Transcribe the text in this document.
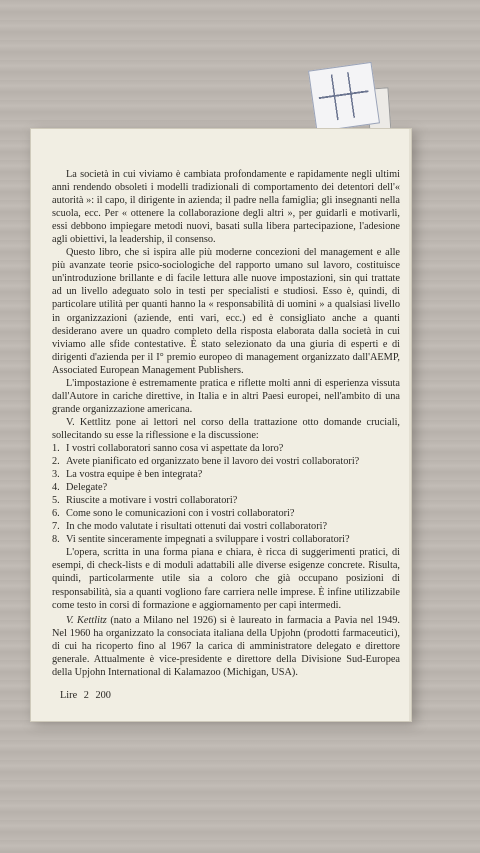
La società in cui viviamo è cambiata profondamente e rapidamente negli ultimi anni rendendo obsoleti i modelli tradizionali di comportamento dei detentori dell'« autorità »: il capo, il dirigente in azienda; il padre nella famiglia; gli insegnanti nella scuola, ecc. Per « ottenere la collaborazione degli altri », per guidarli e motivarli, essi debbono impiegare metodi nuovi, basati sulla libera partecipazione, l'adesione agli obiettivi, la leadership, il consenso.

Questo libro, che si ispira alle più moderne concezioni del management e alle più avanzate teorie psico-sociologiche del rapporto umano sul lavoro, costituisce un'introduzione brillante e di facile lettura alle nuove impostazioni, sin qui trattate ad un livello adeguato solo in testi per specialisti e studiosi. Esso è, quindi, di particolare utilità per quanti hanno la « responsabilità di uomini » a qualsiasi livello in organizzazioni (aziende, enti vari, ecc.) ed è consigliato anche a quanti desiderano avere un quadro completo della risposta elaborata dalla società in cui viviamo alle sfide contestative. È stato selezionato da una giuria di esperti e di dirigenti d'azienda per il I° premio europeo di management organizzato dall'AEMP, Associated European Management Publishers.

L'impostazione è estremamente pratica e riflette molti anni di esperienza vissuta dall'Autore in cariche direttive, in Italia e in altri Paesi europei, nell'ambito di una grande organizzazione americana.

V. Kettlitz pone ai lettori nel corso della trattazione otto domande cruciali, sollecitando su esse la riflessione e la discussione:

1. I vostri collaboratori sanno cosa vi aspettate da loro?
2. Avete pianificato ed organizzato bene il lavoro dei vostri collaboratori?
3. La vostra equipe è ben integrata?
4. Delegate?
5. Riuscite a motivare i vostri collaboratori?
6. Come sono le comunicazioni con i vostri collaboratori?
7. In che modo valutate i risultati ottenuti dai vostri collaboratori?
8. Vi sentite sinceramente impegnati a sviluppare i vostri collaboratori?

L'opera, scritta in una forma piana e chiara, è ricca di suggerimenti pratici, di esempi, di check-lists e di moduli adattabili alle diverse esigenze concrete. Risulta, quindi, particolarmente utile sia a coloro che già occupano posizioni di responsabilità, sia a quanti vogliono fare carriera nelle imprese. È infine utilizzabile come testo in corsi di formazione e aggiornamento per capi intermedi.

V. Kettlitz (nato a Milano nel 1926) si è laureato in farmacia a Pavia nel 1949. Nel 1960 ha organizzato la consociata italiana della Upjohn (prodotti farmaceutici), di cui ha ricoperto fino al 1967 la carica di amministratore delegato e direttore generale. Attualmente è vice-presidente e direttore della Divisione Sud-Europea della Upjohn International di Kalamazoo (Michigan, USA).

Lire 2 200
